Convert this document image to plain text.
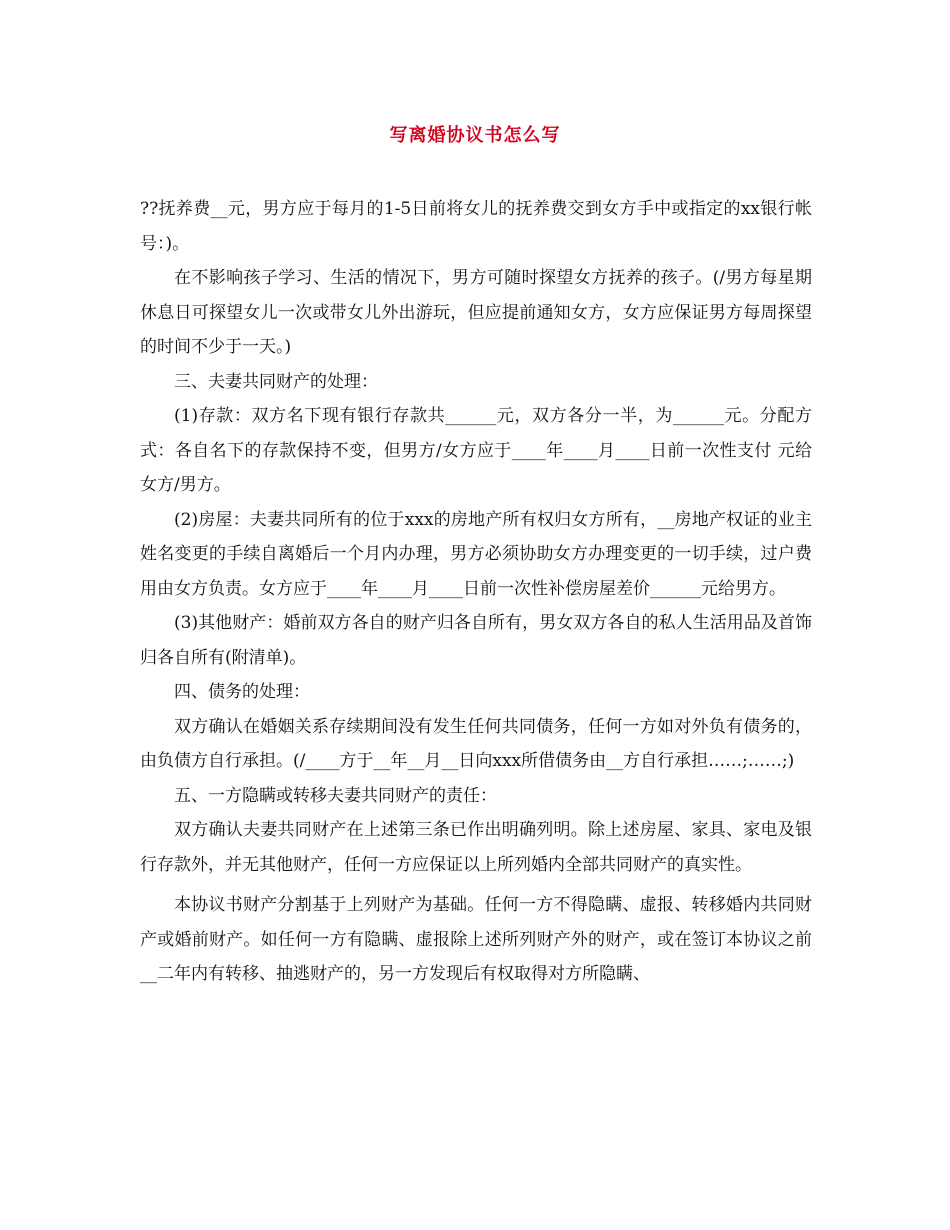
写离婚协议书怎么写

??抚养费__元，男方应于每月的1-5日前将女儿的抚养费交到女方手中或指定的xx银行帐号：)。

在不影响孩子学习、生活的情况下，男方可随时探望女方抚养的孩子。(/男方每星期休息日可探望女儿一次或带女儿外出游玩，但应提前通知女方，女方应保证男方每周探望的时间不少于一天。)

三、夫妻共同财产的处理：

(1)存款：双方名下现有银行存款共______元，双方各分一半，为______元。分配方式：各自名下的存款保持不变，但男方/女方应于____年____月____日前一次性支付 元给女方/男方。

(2)房屋：夫妻共同所有的位于xxx的房地产所有权归女方所有，__房地产权证的业主姓名变更的手续自离婚后一个月内办理，男方必须协助女方办理变更的一切手续，过户费用由女方负责。女方应于____年____月____日前一次性补偿房屋差价______元给男方。

(3)其他财产：婚前双方各自的财产归各自所有，男女双方各自的私人生活用品及首饰归各自所有(附清单)。

四、债务的处理：

双方确认在婚姻关系存续期间没有发生任何共同债务，任何一方如对外负有债务的，由负债方自行承担。(/____方于__年__月__日向xxx所借债务由__方自行承担……;……;)

五、一方隐瞒或转移夫妻共同财产的责任：

双方确认夫妻共同财产在上述第三条已作出明确列明。除上述房屋、家具、家电及银行存款外，并无其他财产，任何一方应保证以上所列婚内全部共同财产的真实性。

本协议书财产分割基于上列财产为基础。任何一方不得隐瞒、虚报、转移婚内共同财产或婚前财产。如任何一方有隐瞒、虚报除上述所列财产外的财产，或在签订本协议之前__二年内有转移、抽逃财产的，另一方发现后有权取得对方所隐瞒、
